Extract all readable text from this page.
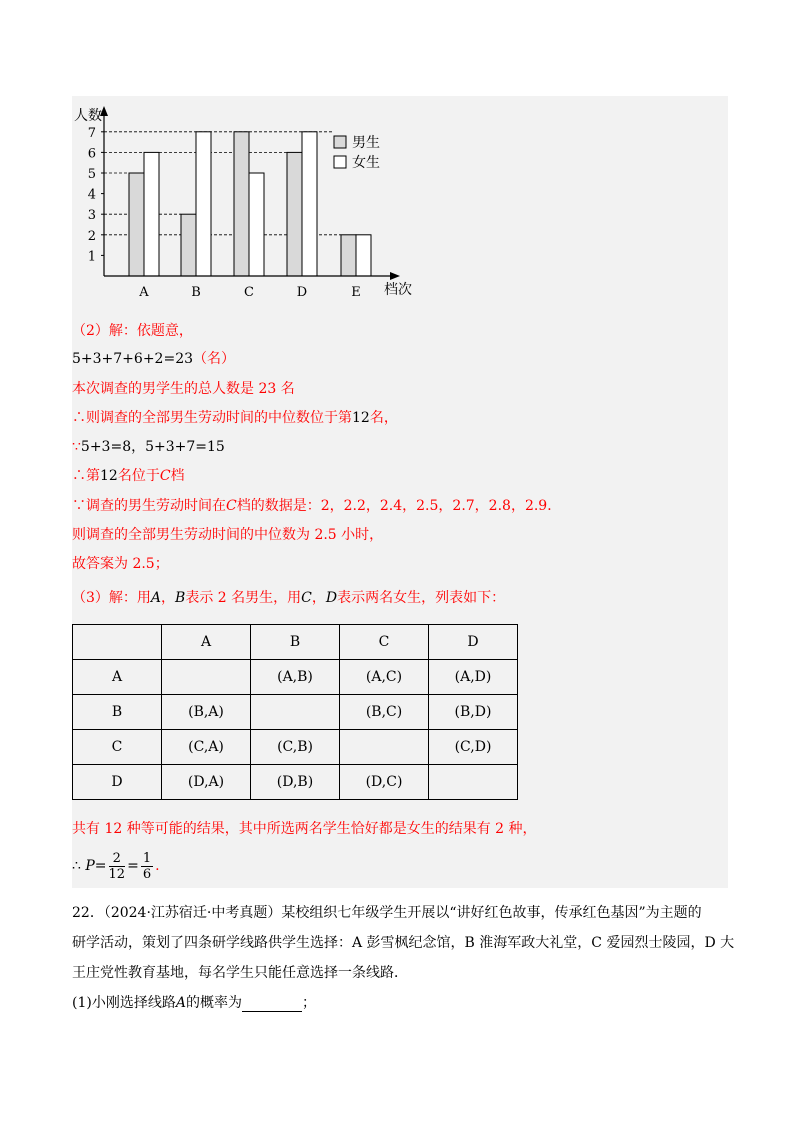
A	B	C	D	E
1
2
3
4
5
6
7
人数
档次
男生
女生
（2）解：依题意，
5+3+7+6+2=23（名）
本次调查的男学生的总人数是 23 名
∴则调查的全部男生劳动时间的中位数位于第12名，
∵5+3=8，5+3+7=15
∴第12名位于C档
∵调查的男生劳动时间在C档的数据是：2，2.2，2.4，2.5，2.7，2.8，2.9．
则调查的全部男生劳动时间的中位数为 2.5 小时，
故答案为 2.5；
（3）解：用A，B表示 2 名男生，用C，D表示两名女生，列表如下：
	A	B	C	D
A		(A,B)	(A,C)	(A,D)
B	(B,A)		(B,C)	(B,D)
C	(C,A)	(C,B)		(C,D)
D	(D,A)	(D,B)	(D,C)	
共有 12 种等可能的结果，其中所选两名学生恰好都是女生的结果有 2 种，
∴ $P= \frac{2}{12} = \frac{1}{6}$ .
22．（2024·江苏宿迁·中考真题）某校组织七年级学生开展以“讲好红色故事，传承红色基因”为主题的
研学活动，策划了四条研学线路供学生选择：A 彭雪枫纪念馆，B 淮海军政大礼堂，C 爱园烈士陵园，D 大
王庄党性教育基地，每名学生只能任意选择一条线路．
(1)小刚选择线路A的概率为	；
